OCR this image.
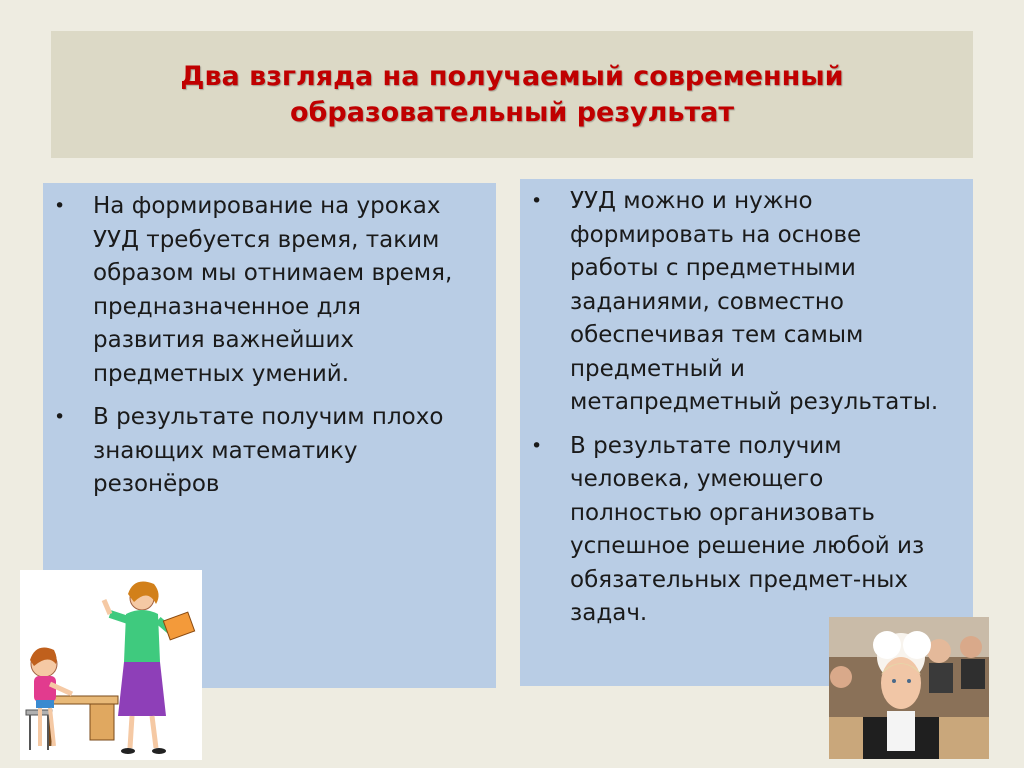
Два взгляда на получаемый современный
образовательный результат
• На формирование на уроках УУД требуется время, таким образом мы отнимаем время, предназначенное для развития важнейших предметных умений.
• В результате получим плохо знающих математику резонёров
• УУД можно и нужно формировать на основе работы с предметными заданиями, совместно обеспечивая тем самым предметный и метапредметный результаты.
• В результате получим человека, умеющего полностью организовать успешное решение любой из обязательных предмет-ных задач.
